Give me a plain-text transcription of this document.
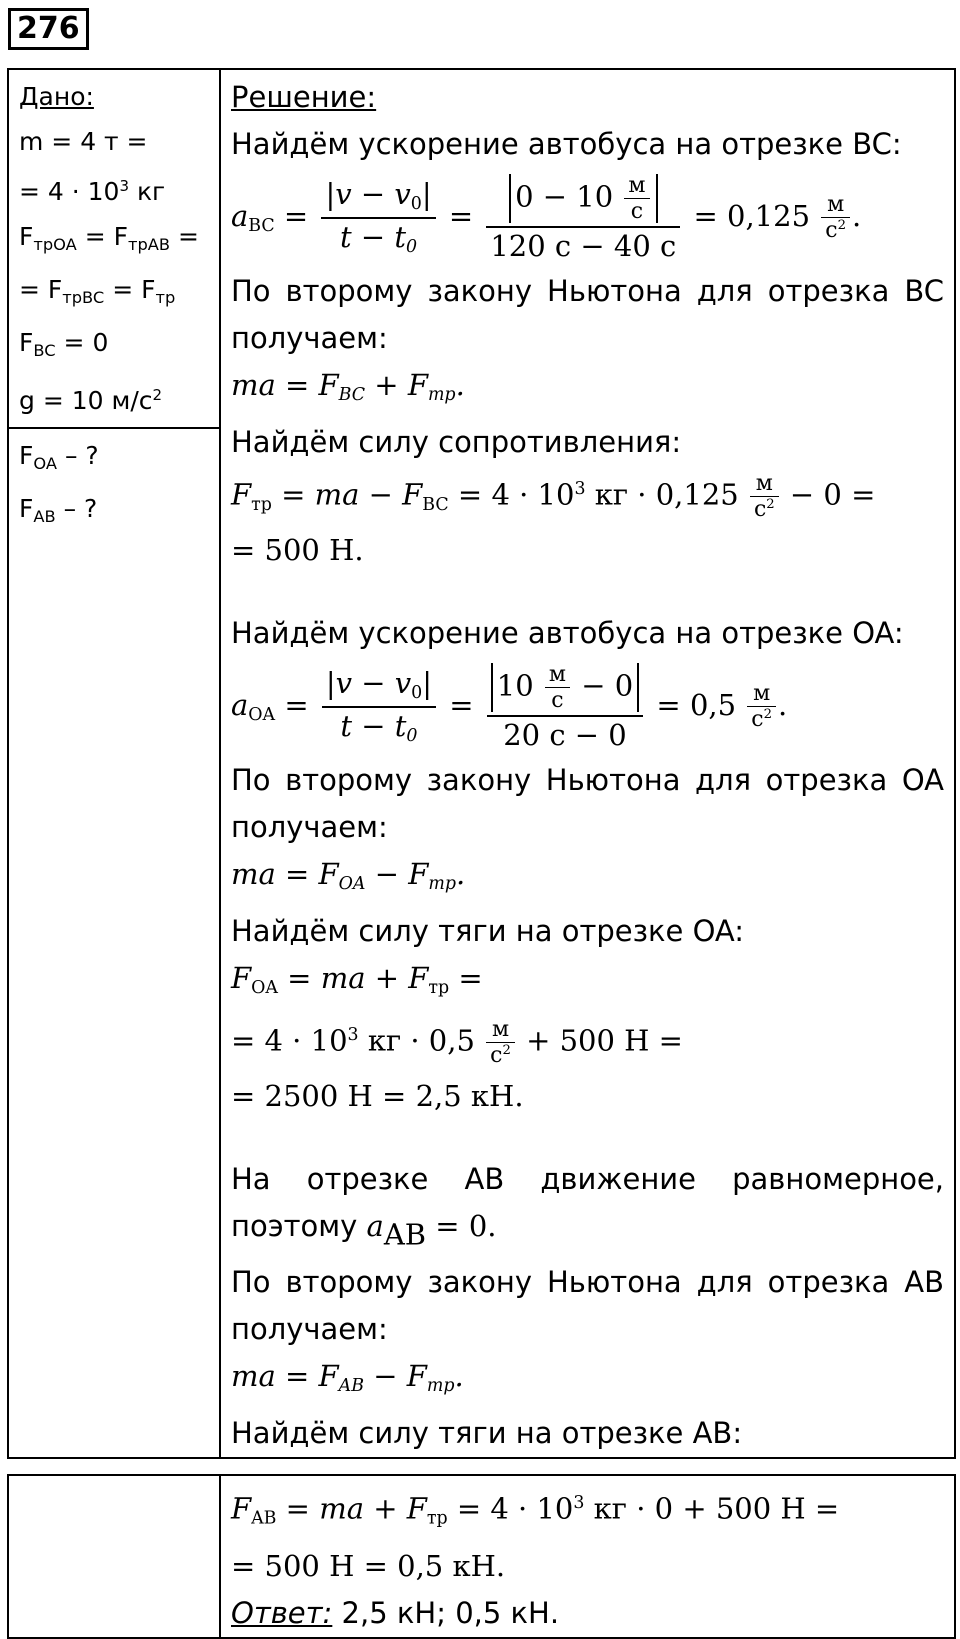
276
Дано:
m = 4 т =
= $4 \cdot 10^3$ кг
$F_{трOA} = F_{трAB}$ =
= $F_{трBC} = F_{тр}$
$F_{BC} = 0$
g = 10 $м/с^2$
$F_{OA}$ – ?
$F_{AB}$ – ?

Решение:
Найдём ускорение автобуса на отрезке BC:
$a_{BC} = \frac{|v - v_0|}{t - t_0} = \frac{0 - 10 \frac{м}{с}}{120 с - 40 с} = 0,125 \frac{м}{с^2}$ .
По второму закону Ньютона для отрезка BC
получаем:
ma = $F_{BC} + F_{тр}$.
Найдём силу сопротивления:
$F_{тр}$ = ma − $F_{BC} = 4 \cdot 10^3$ кг · $0,125 \frac{м}{с^2} - 0$ =
= 500 Н.
Найдём ускорение автобуса на отрезке OA:
$a_{OA} = \frac{|v - v_0|}{t - t_0} = \frac{10 \frac{м}{с} - 0}{20 с - 0} = 0,5 \frac{м}{с^2}$ .
По второму закону Ньютона для отрезка OA
получаем:
ma = $F_{OA} - F_{тр}$.
Найдём силу тяги на отрезке OA:
$F_{OA}$ = ma + $F_{тр}$ =
= $4 \cdot 10^3$ кг · $0,5 \frac{м}{с^2} + 500$ Н =
= 2500 Н = 2,5 кН.
На отрезке AB движение равномерное,
поэтому $a_{AB} = 0$.
По второму закону Ньютона для отрезка AB
получаем:
ma = $F_{AB} - F_{тр}$.
Найдём силу тяги на отрезке AB:

$F_{AB}$ = ma + $F_{тр} = 4 \cdot 10^3$ кг · 0 + 500 Н =
= 500 Н = 0,5 кН.
Ответ: 2,5 кН; 0,5 кН.
